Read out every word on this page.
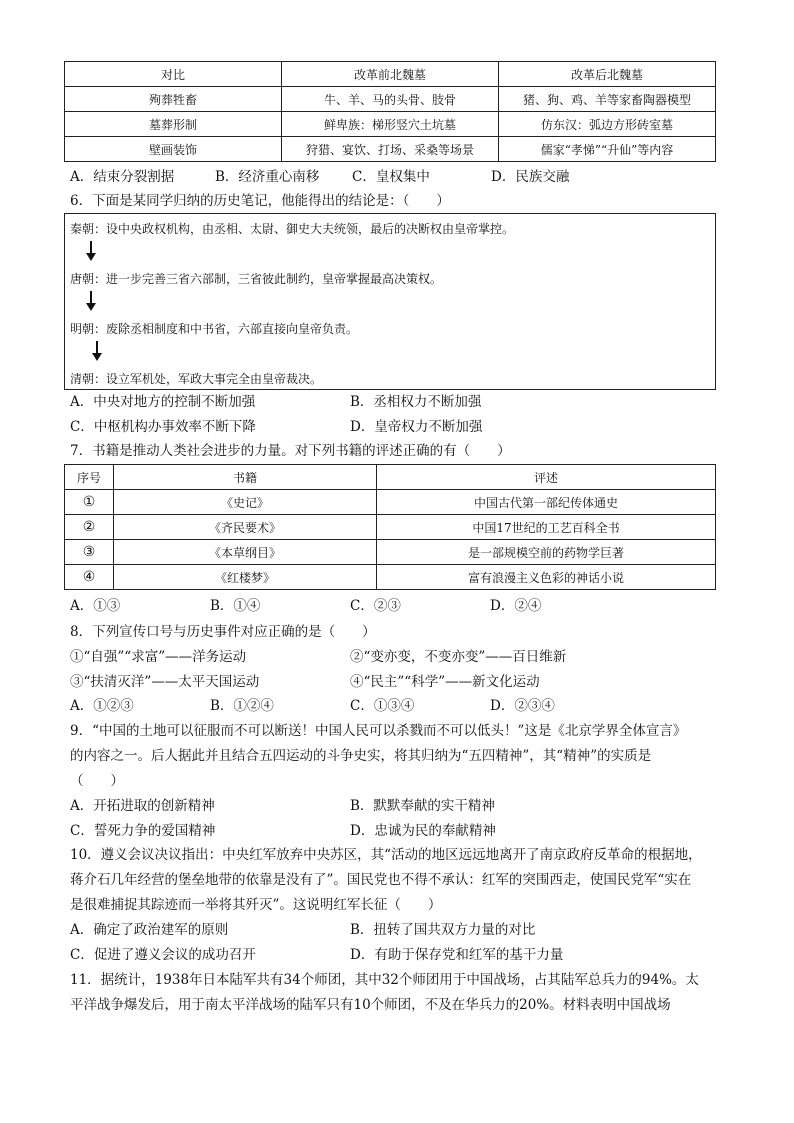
对比	改革前北魏墓	改革后北魏墓
殉葬牲畜	牛、羊、马的头骨、肢骨	猪、狗、鸡、羊等家畜陶器模型
墓葬形制	鲜卑族：梯形竖穴土坑墓	仿东汉：弧边方形砖室墓
壁画装饰	狩猎、宴饮、打场、采桑等场景	儒家“孝悌”“升仙”等内容
A．结束分裂割据	B．经济重心南移 C．皇权集中	D．民族交融
6．下面是某同学归纳的历史笔记，他能得出的结论是：（　　）
秦朝：设中央政权机构，由丞相、太尉、御史大夫统领，最后的决断权由皇帝掌控。
唐朝：进一步完善三省六部制，三省彼此制约，皇帝掌握最高决策权。
明朝：废除丞相制度和中书省，六部直接向皇帝负责。
清朝：设立军机处，军政大事完全由皇帝裁决。
A．中央对地方的控制不断加强	B．丞相权力不断加强
C．中枢机构办事效率不断下降	D．皇帝权力不断加强
7．书籍是推动人类社会进步的力量。对下列书籍的评述正确的有（　　）
序号	书籍	评述
①	《史记》	中国古代第一部纪传体通史
②	《齐民要术》	中国17世纪的工艺百科全书
③	《本草纲目》	是一部规模空前的药物学巨著
④	《红楼梦》	富有浪漫主义色彩的神话小说
A．①③	B．①④	C．②③	D．②④
8．下列宣传口号与历史事件对应正确的是（　　）
①“自强”“求富”——洋务运动	②“变亦变，不变亦变”——百日维新
③“扶清灭洋”——太平天国运动	④“民主”“科学”——新文化运动
A．①②③	B．①②④	C．①③④	D．②③④
9．“中国的土地可以征服而不可以断送！中国人民可以杀戮而不可以低头！”这是《北京学界全体宣言》
的内容之一。后人据此并且结合五四运动的斗争史实，将其归纳为“五四精神”，其“精神”的实质是
（　　）
A．开拓进取的创新精神	B．默默奉献的实干精神
C．誓死力争的爱国精神	D．忠诚为民的奉献精神
10．遵义会议决议指出：中央红军放弃中央苏区，其“活动的地区远远地离开了南京政府反革命的根据地，
蒋介石几年经营的堡垒地带的依靠是没有了”。国民党也不得不承认：红军的突围西走，使国民党军“实在
是很难捕捉其踪迹而一举将其歼灭”。这说明红军长征（　　）
A．确定了政治建军的原则	B．扭转了国共双方力量的对比
C．促进了遵义会议的成功召开	D．有助于保存党和红军的基干力量
11．据统计，1938年日本陆军共有34个师团，其中32个师团用于中国战场，占其陆军总兵力的94%。太
平洋战争爆发后，用于南太平洋战场的陆军只有10个师团，不及在华兵力的20%。材料表明中国战场
